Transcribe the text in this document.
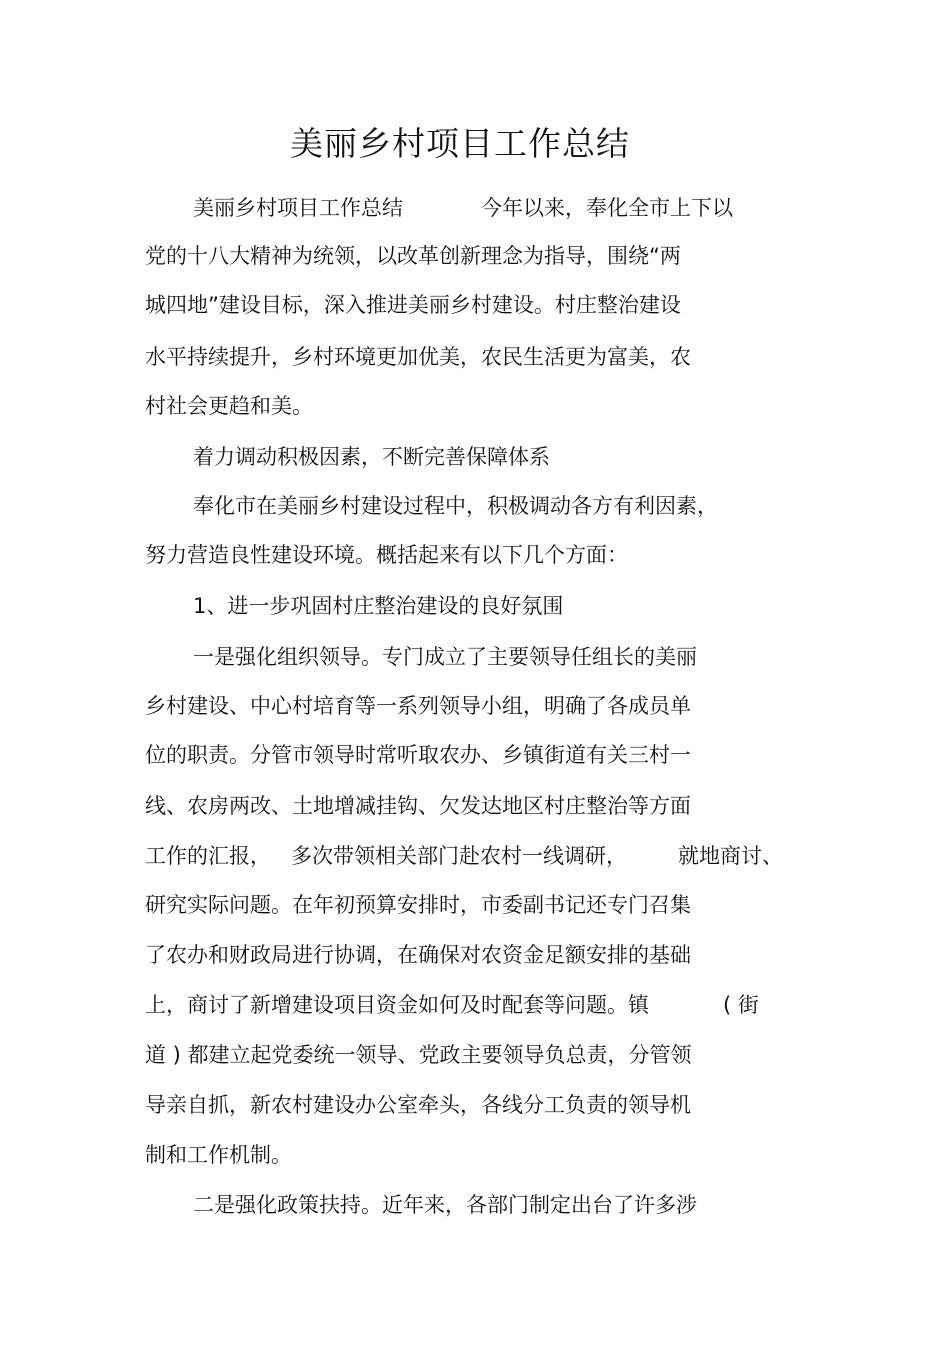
美丽乡村项目工作总结
美丽乡村项目工作总结	今年以来，奉化全市上下以
党的十八大精神为统领，以改革创新理念为指导，围绕“两
城四地”建设目标，深入推进美丽乡村建设。村庄整治建设
水平持续提升，乡村环境更加优美，农民生活更为富美，农
村社会更趋和美。
着力调动积极因素，不断完善保障体系
奉化市在美丽乡村建设过程中，积极调动各方有利因素，
努力营造良性建设环境。概括起来有以下几个方面：
1、进一步巩固村庄整治建设的良好氛围
一是强化组织领导。专门成立了主要领导任组长的美丽
乡村建设、中心村培育等一系列领导小组，明确了各成员单
位的职责。分管市领导时常听取农办、乡镇街道有关三村一
线、农房两改、土地增减挂钩、欠发达地区村庄整治等方面
工作的汇报， 多次带领相关部门赴农村一线调研， 就地商讨、
研究实际问题。在年初预算安排时，市委副书记还专门召集
了农办和财政局进行协调，在确保对农资金足额安排的基础
上，商讨了新增建设项目资金如何及时配套等问题。镇	( 街
道 ) 都建立起党委统一领导、党政主要领导负总责，分管领
导亲自抓，新农村建设办公室牵头，各线分工负责的领导机
制和工作机制。
二是强化政策扶持。近年来，各部门制定出台了许多涉
